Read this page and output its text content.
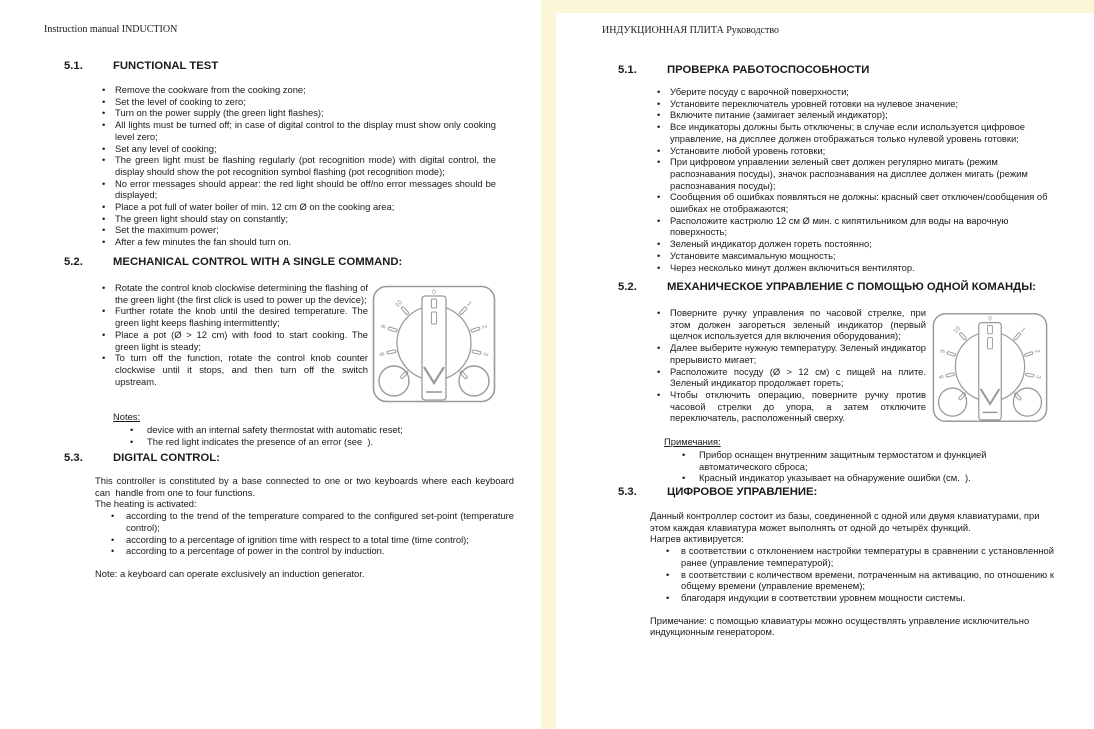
Instruction manual INDUCTION
5.1.	FUNCTIONAL TEST
• Remove the cookware from the cooking zone;
• Set the level of cooking to zero;
• Turn on the power supply (the green light flashes);
• All lights must be turned off; in case of digital control to the display must show only cooking level zero;
• Set any level of cooking;
• The green light must be flashing regularly (pot recognition mode) with digital control, the display should show the pot recognition symbol flashing (pot recognition mode);
• No error messages should appear: the red light should be off/no error messages should be displayed;
• Place a pot full of water boiler of min. 12 cm Ø on the cooking area;
• The green light should stay on constantly;
• Set the maximum power;
• After a few minutes the fan should turn on.
5.2.	MECHANICAL CONTROL WITH A SINGLE COMMAND:
• Rotate the control knob clockwise determining the flashing of the green light (the first click is used to power up the device);
• Further rotate the knob until the desired temperature. The green light keeps flashing intermittently;
• Place a pot (Ø > 12 cm) with food to start cooking. The green light is steady;
• To turn off the function, rotate the control knob counter clockwise until it stops, and then turn off the switch upstream.
Notes:
• device with an internal safety thermostat with automatic reset;
• The red light indicates the presence of an error (see  ).
5.3.	DIGITAL CONTROL:

This controller is constituted by a base connected to one or two keyboards where each keyboard can  handle from one to four functions.

The heating is activated:

• according to the trend of the temperature compared to the configured set-point (temperature control);
• according to a percentage of ignition time with respect to a total time (time control);
• according to a percentage of power in the control by induction.

Note: a keyboard can operate exclusively an induction generator.

1
2
3
10
9
8
0
ИНДУКЦИОННАЯ ПЛИТА Руководство
5.1.	ПРОВЕРКА РАБОТОСПОСОБНОСТИ
• Уберите посуду с варочной поверхности;
• Установите переключатель уровней готовки на нулевое значение;
• Включите питание (замигает зеленый индикатор);
• Все индикаторы должны быть отключены; в случае если используется цифровое управление, на дисплее должен отображаться только нулевой уровень готовки;
• Установите любой уровень готовки;
• При цифровом управлении зеленый свет должен регулярно мигать (режим распознавания посуды), значок распознавания на дисплее должен мигать (режим распознавания посуды);
• Сообщения об ошибках появляться не должны: красный свет отключен/сообщения об ошибках не отображаются;
• Расположите кастрюлю 12 см Ø мин. с кипятильником для воды на варочную поверхность;
• Зеленый индикатор должен гореть постоянно;
• Установите максимальную мощность;
• Через несколько минут должен включиться вентилятор.
5.2.	МЕХАНИЧЕСКОЕ УПРАВЛЕНИЕ С ПОМОЩЬЮ ОДНОЙ КОМАНДЫ:
• Поверните ручку управления по часовой стрелке, при этом должен загореться зеленый индикатор (первый щелчок используется для включения оборудования);
• Далее выберите нужную температуру. Зеленый индикатор прерывисто мигает;
• Расположите посуду (Ø > 12 см) с пищей на плите. Зеленый индикатор продолжает гореть;
• Чтобы отключить операцию, поверните ручку против часовой стрелки до упора, а затем отключите переключатель, расположенный сверху.
Примечания:
• Прибор оснащен внутренним защитным термостатом и функцией автоматического сброса;
• Красный индикатор указывает на обнаружение ошибки (см.  ).
5.3.	ЦИФРОВОЕ УПРАВЛЕНИЕ:

Данный контроллер состоит из базы, соединенной с одной или двумя клавиатурами, при этом каждая клавиатура может выполнять от одной до четырёх функций.

Нагрев активируется:

• в соответствии с отклонением настройки температуры в сравнении с установленной ранее (управление температурой);
• в соответствии с количеством времени, потраченным на активацию, по отношению к общему времени (управление временем);
• благодаря индукции в соответствии уровнем мощности системы.

Примечание: с помощью клавиатуры можно осуществлять управление исключительно индукционным генератором.

1
2
3
10
9
8
0
